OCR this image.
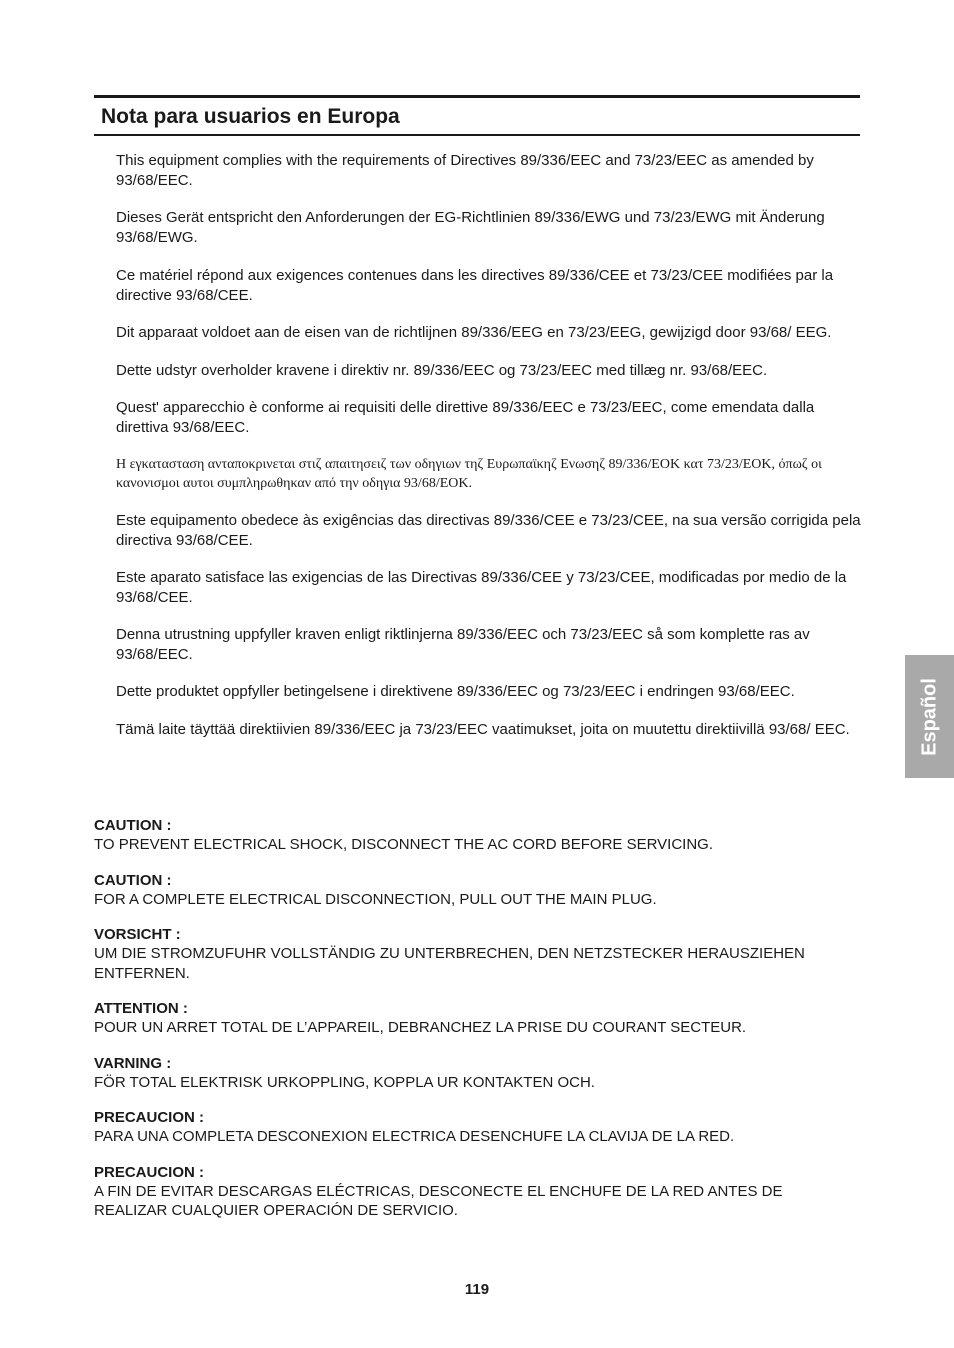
Nota para usuarios en Europa

This equipment complies with the requirements of Directives 89/336/EEC and 73/23/EEC as amended by 93/68/EEC.

Dieses Gerät entspricht den Anforderungen der EG-Richtlinien 89/336/EWG und 73/23/EWG mit Änderung 93/68/EWG.

Ce matériel répond aux exigences contenues dans les directives 89/336/CEE et 73/23/CEE modifiées par la directive 93/68/CEE.

Dit apparaat voldoet aan de eisen van de richtlijnen 89/336/EEG en 73/23/EEG, gewijzigd door 93/68/ EEG.

Dette udstyr overholder kravene i direktiv nr. 89/336/EEC og 73/23/EEC med tillæg nr. 93/68/EEC.

Quest' apparecchio è conforme ai requisiti delle direttive 89/336/EEC e 73/23/EEC, come emendata dalla direttiva 93/68/EEC.

Η εγκατασταση ανταποκρινεται στιζ απαιτησειζ των οδηγιων τηζ Ευρωπαϊκηζ Ενωσηζ 89/336/ΕΟΚ κατ 73/23/ΕΟΚ, όπωζ οι κανονισμοι αυτοι συμπληρωθηκαν από την οδηγια 93/68/ΕΟΚ.

Este equipamento obedece às exigências das directivas 89/336/CEE e 73/23/CEE, na sua versão corrigida pela directiva 93/68/CEE.

Este aparato satisface las exigencias de las Directivas 89/336/CEE y 73/23/CEE, modificadas por medio de la 93/68/CEE.

Denna utrustning uppfyller kraven enligt riktlinjerna 89/336/EEC och 73/23/EEC så som komplette ras av 93/68/EEC.

Dette produktet oppfyller betingelsene i direktivene 89/336/EEC og 73/23/EEC i endringen 93/68/EEC.

Tämä laite täyttää direktiivien 89/336/EEC ja 73/23/EEC vaatimukset, joita on muutettu direktiivillä 93/68/ EEC.

CAUTION :
TO PREVENT ELECTRICAL SHOCK, DISCONNECT THE AC CORD BEFORE SERVICING.
CAUTION :
FOR A COMPLETE ELECTRICAL DISCONNECTION, PULL OUT THE MAIN PLUG.
VORSICHT :
UM DIE STROMZUFUHR VOLLSTÄNDIG ZU UNTERBRECHEN, DEN NETZSTECKER HERAUSZIEHEN ENTFERNEN.
ATTENTION :
POUR UN ARRET TOTAL DE L’APPAREIL, DEBRANCHEZ LA PRISE DU COURANT SECTEUR.
VARNING :
FÖR TOTAL ELEKTRISK URKOPPLING, KOPPLA UR KONTAKTEN OCH.
PRECAUCION :
PARA UNA COMPLETA DESCONEXION ELECTRICA DESENCHUFE LA CLAVIJA DE LA RED.
PRECAUCION :
A FIN DE EVITAR DESCARGAS ELÉCTRICAS, DESCONECTE EL ENCHUFE DE LA RED ANTES DE REALIZAR CUALQUIER OPERACIÓN DE SERVICIO.
Español
119
